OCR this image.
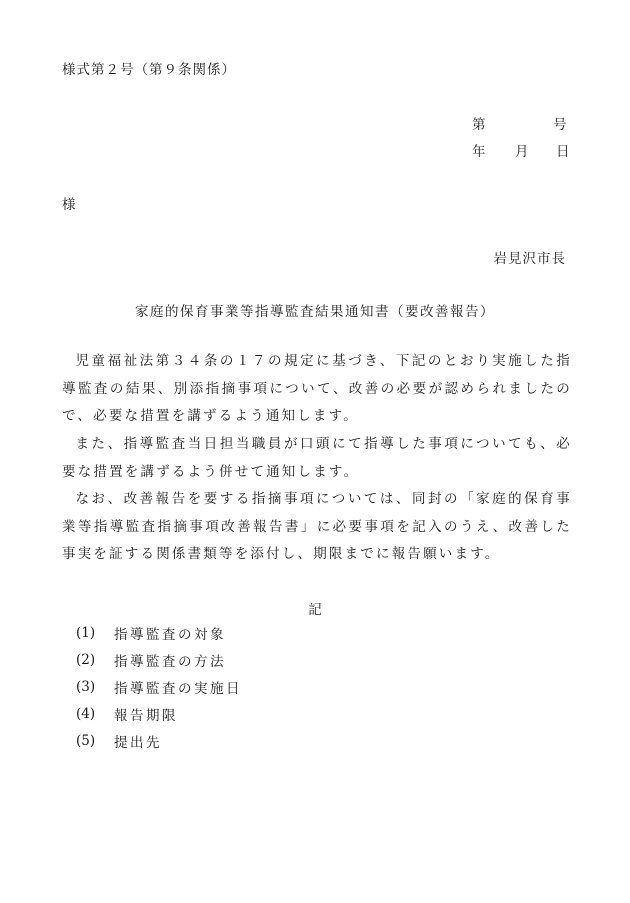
様式第２号（第９条関係）
第	号
年 月 日
様
岩見沢市長
家庭的保育事業等指導監査結果通知書（要改善報告）

児童福祉法第３４条の１７の規定に基づき、下記のとおり実施した指導監査の結果、別添指摘事項について、改善の必要が認められましたので、必要な措置を講ずるよう通知します。

また、指導監査当日担当職員が口頭にて指導した事項についても、必要な措置を講ずるよう併せて通知します。

なお、改善報告を要する指摘事項については、同封の「家庭的保育事業等指導監査指摘事項改善報告書」に必要事項を記入のうえ、改善した事実を証する関係書類等を添付し、期限までに報告願います。

記
(1)	指導監査の対象
(2)	指導監査の方法
(3)	指導監査の実施日
(4)	報告期限
(5)	提出先
